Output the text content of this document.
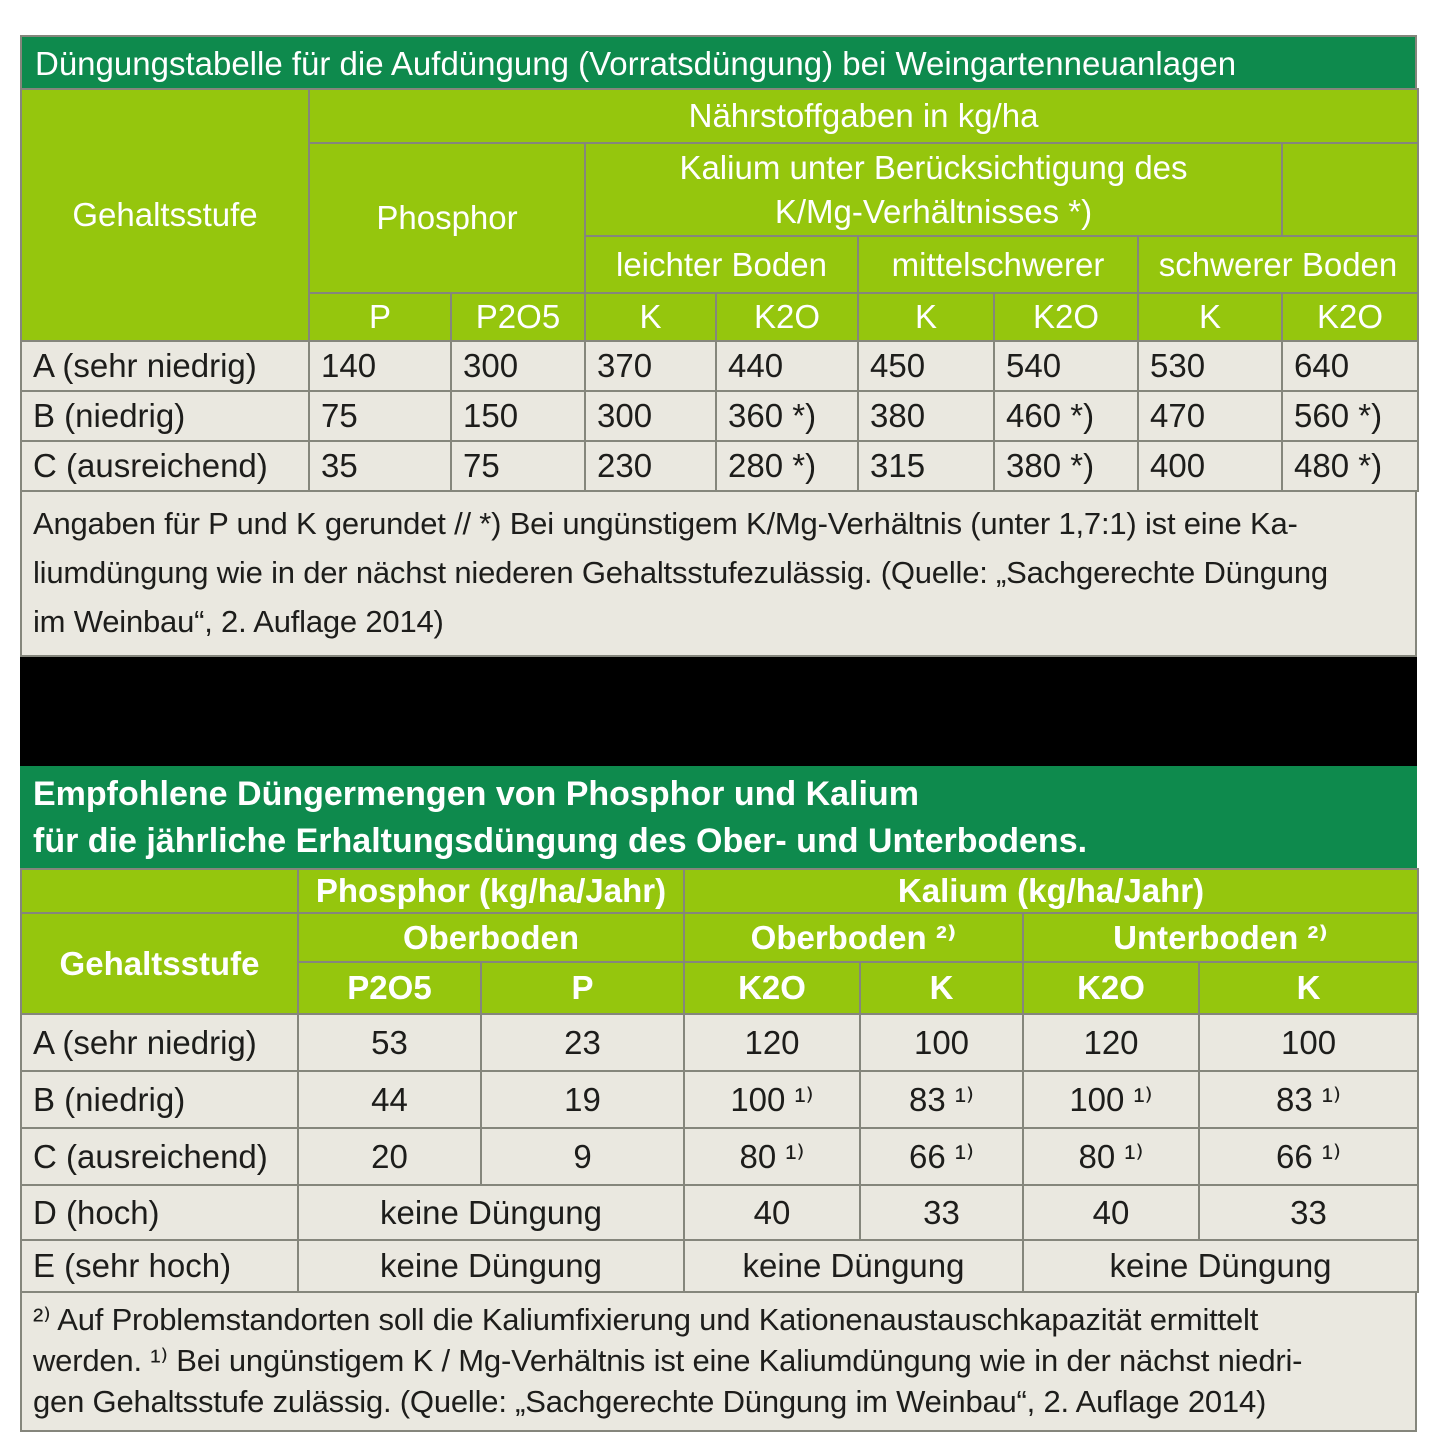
Düngungstabelle für die Aufdüngung (Vorratsdüngung) bei Weingartenneuanlagen
Gehaltsstufe	Nährstoffgaben in kg/ha							
	Phosphor		Kalium unter Berücksichtigung des
K/Mg-Verhältnisses *)					

			leichter Boden		mittelschwerer		schwerer Boden	
	P	P2O5	K	K2O	K	K2O	K	K2O
A (sehr niedrig)	140	300	370	440	450	540	530	640
B (niedrig)	75	150	300	360 *)	380	460 *)	470	560 *)
C (ausreichend)	35	75	230	280 *)	315	380 *)	400	480 *)
Angaben für P und K gerundet // *) Bei ungünstigem K/Mg-Verhältnis (unter 1,7:1) ist eine Ka-
liumdüngung wie in der nächst niederen Gehaltsstufezulässig. (Quelle: „Sachgerechte Düngung
im Weinbau“, 2. Auflage 2014)
Empfohlene Düngermengen von Phosphor und Kalium
für die jährliche Erhaltungsdüngung des Ober- und Unterbodens.
	Phosphor (kg/ha/Jahr)		Kalium (kg/ha/Jahr)			
Gehaltsstufe	Oberboden		Oberboden ²⁾		Unterboden ²⁾	
	P2O5	P	K2O	K	K2O	K
A (sehr niedrig)	53	23	120	100	120	100
B (niedrig)	44	19	100 ¹⁾	83 ¹⁾	100 ¹⁾	83 ¹⁾
C (ausreichend)	20	9	80 ¹⁾	66 ¹⁾	80 ¹⁾	66 ¹⁾
D (hoch)	keine Düngung		40	33	40	33
E (sehr hoch)	keine Düngung		keine Düngung		keine Düngung	
²⁾ Auf Problemstandorten soll die Kaliumfixierung und Kationenaustauschkapazität ermittelt
werden. ¹⁾ Bei ungünstigem K / Mg-Verhältnis ist eine Kaliumdüngung wie in der nächst niedri-
gen Gehaltsstufe zulässig. (Quelle: „Sachgerechte Düngung im Weinbau“, 2. Auflage 2014)
